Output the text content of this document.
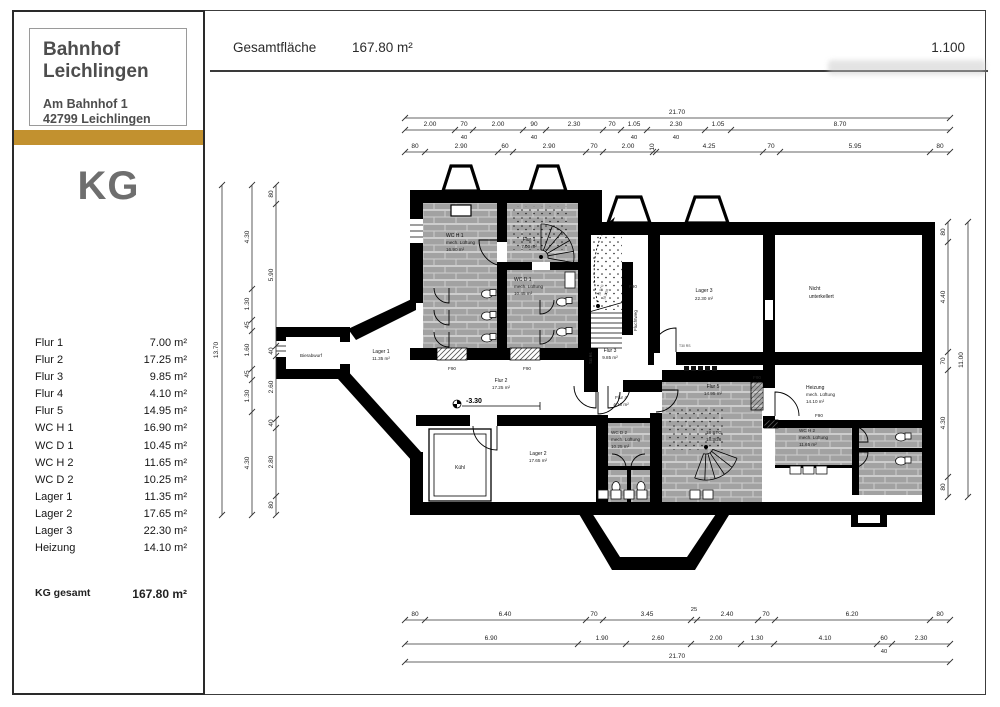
Gesamtfläche	167.80 m²	1.100
Bahnhof
Leichlingen
Am Bahnhof 1
42799 Leichlingen
KG
Flur 1	7.00 m²
Flur 2	17.25 m²
Flur 3	9.85 m²
Flur 4	4.10 m²
Flur 5	14.95 m²
WC H 1	16.90 m²
WC D 1	10.45 m²
WC H 2	11.65 m²
WC D 2	10.25 m²
Lager 1	11.35 m²
Lager 2	17.65 m²
Lager 3	22.30 m²
Heizung	14.10 m²
KG gesamt	167.80 m²
-3.30
WC H 1
mech. Lüftung
16.90 m²
Flur 1
7.00 m²
WC D 1
mech. Lüftung
10.45 m²
Flur 3
9.85 m²
Lager 3
22.30 m²
Nicht
unterkellert
Bierabwurf
Lager 1
11.35 m²
Flur 2
17.25 m²
Kühl
Lager 2
17.65 m²
Flur 4
4.10 m²
WC D 2
mech. Lüftung
10.25 m²
Flur 5
14.95 m²
Heizung
mech. Lüftung
14.10 m²
WC H 2
mech. Lüftung
11.65 m²
18 STG
18.3/26
18 STG
18.3/26
Fluchtweg
F90
F90	F90
F90
F90
T30 RS
T30 RS
21.70
2.00	70	2.00	90	2.30	70 1.05	2.30	1.05	8.70
40	40	40	40
80	2.90	60	2.90	70	2.00 10	4.25	70	5.95	80
80	6.40	70	3.45
25
2.40	70	6.20	80
6.90	1.90	2.60	2.00	1.30	4.10	60
40
2.30
21.70
13.70
4.30
1.30
45
1.60
45
1.30
4.30
80
5.90
40
2.60
40
2.80
80
80
4.40
70
4.30
80
11.00
